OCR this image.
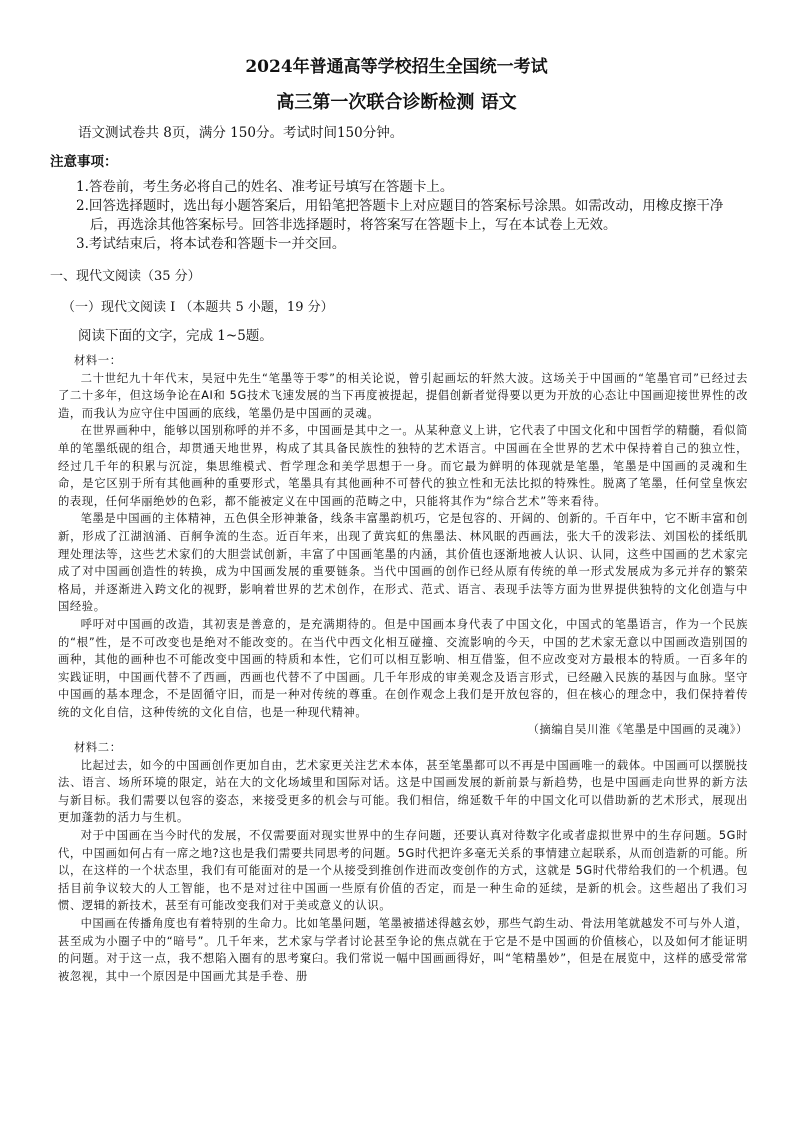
2024年普通高等学校招生全国统一考试
高三第一次联合诊断检测 语文
语文测试卷共 8页，满分 150分。考试时间150分钟。
注意事项：

1.答卷前，考生务必将自己的姓名、准考证号填写在答题卡上。

2.回答选择题时，选出每小题答案后，用铅笔把答题卡上对应题目的答案标号涂黑。如需改动，用橡皮擦干净后，再选涂其他答案标号。回答非选择题时，将答案写在答题卡上，写在本试卷上无效。

3.考试结束后，将本试卷和答题卡一并交回。

一、现代文阅读（35 分）
（一）现代文阅读 I （本题共 5 小题，19 分）
阅读下面的文字，完成 1~5题。

材料一：

二十世纪九十年代末，吴冠中先生“笔墨等于零”的相关论说，曾引起画坛的轩然大波。这场关于中国画的“笔墨官司”已经过去了二十多年，但这场争论在AI和 5G技术飞速发展的当下再度被提起，提倡创新者觉得要以更为开放的心态让中国画迎接世界性的改造，而我认为应守住中国画的底线，笔墨仍是中国画的灵魂。

在世界画种中，能够以国别称呼的并不多，中国画是其中之一。从某种意义上讲，它代表了中国文化和中国哲学的精髓，看似简单的笔墨纸砚的组合，却贯通天地世界，构成了其具备民族性的独特的艺术语言。中国画在全世界的艺术中保持着自己的独立性，经过几千年的积累与沉淀，集思维模式、哲学理念和美学思想于一身。而它最为鲜明的体现就是笔墨，笔墨是中国画的灵魂和生命，是它区别于所有其他画种的重要形式，笔墨具有其他画种不可替代的独立性和无法比拟的特殊性。脱离了笔墨，任何堂皇恢宏的表现，任何华丽绝妙的色彩，都不能被定义在中国画的范畴之中，只能将其作为“综合艺术”等来看待。

笔墨是中国画的主体精神，五色俱全形神兼备，线条丰富墨韵机巧，它是包容的、开阔的、创新的。千百年中，它不断丰富和创新，形成了江湖汹涌、百舸争流的生态。近百年来，出现了黄宾虹的焦墨法、林风眠的西画法，张大千的泼彩法、刘国松的揉纸肌理处理法等，这些艺术家们的大胆尝试创新，丰富了中国画笔墨的内涵，其价值也逐渐地被人认识、认同，这些中国画的艺术家完成了对中国画创造性的转换，成为中国画发展的重要链条。当代中国画的创作已经从原有传统的单一形式发展成为多元并存的繁荣格局，并逐渐进入跨文化的视野，影响着世界的艺术创作，在形式、范式、语言、表现手法等方面为世界提供独特的文化创造与中国经验。

呼吁对中国画的改造，其初衷是善意的，是充满期待的。但是中国画本身代表了中国文化，中国式的笔墨语言，作为一个民族的“根”性，是不可改变也是绝对不能改变的。在当代中西文化相互碰撞、交流影响的今天，中国的艺术家无意以中国画改造别国的画种，其他的画种也不可能改变中国画的特质和本性，它们可以相互影响、相互借鉴，但不应改变对方最根本的特质。一百多年的实践证明，中国画代替不了西画，西画也代替不了中国画。几千年形成的审美观念及语言形式，已经融入民族的基因与血脉。坚守中国画的基本理念，不是固循守旧，而是一种对传统的尊重。在创作观念上我们是开放包容的，但在核心的理念中，我们保持着传统的文化自信，这种传统的文化自信，也是一种现代精神。

（摘编自吴川淮《笔墨是中国画的灵魂》）

材料二：

比起过去，如今的中国画创作更加自由，艺术家更关注艺术本体，甚至笔墨都可以不再是中国画唯一的载体。中国画可以摆脱技法、语言、场所环境的限定，站在大的文化场域里和国际对话。这是中国画发展的新前景与新趋势，也是中国画走向世界的新方法与新目标。我们需要以包容的姿态，来接受更多的机会与可能。我们相信，绵延数千年的中国文化可以借助新的艺术形式，展现出更加蓬勃的活力与生机。

对于中国画在当今时代的发展，不仅需要面对现实世界中的生存问题，还要认真对待数字化或者虚拟世界中的生存问题。5G时代，中国画如何占有一席之地?这也是我们需要共同思考的问题。5G时代把许多毫无关系的事情建立起联系，从而创造新的可能。所以，在这样的一个状态里，我们有可能面对的是一个从接受到推创作进而改变创作的方式，这就是 5G时代带给我们的一个机遇。包括目前争议较大的人工智能，也不是对过往中国画一些原有价值的否定，而是一种生命的延续，是新的机会。这些超出了我们习惯、逻辑的新技术，甚至有可能改变我们对于美或意义的认识。

中国画在传播角度也有着特别的生命力。比如笔墨问题，笔墨被描述得越玄妙，那些气韵生动、骨法用笔就越发不可与外人道，甚至成为小圈子中的“暗号”。几千年来，艺术家与学者讨论甚至争论的焦点就在于它是不是中国画的价值核心，以及如何才能证明的问题。对于这一点，我不想陷入圈有的思考窠臼。我们常说一幅中国画画得好，叫“笔精墨妙”，但是在展览中，这样的感受常常被忽视，其中一个原因是中国画尤其是手卷、册
